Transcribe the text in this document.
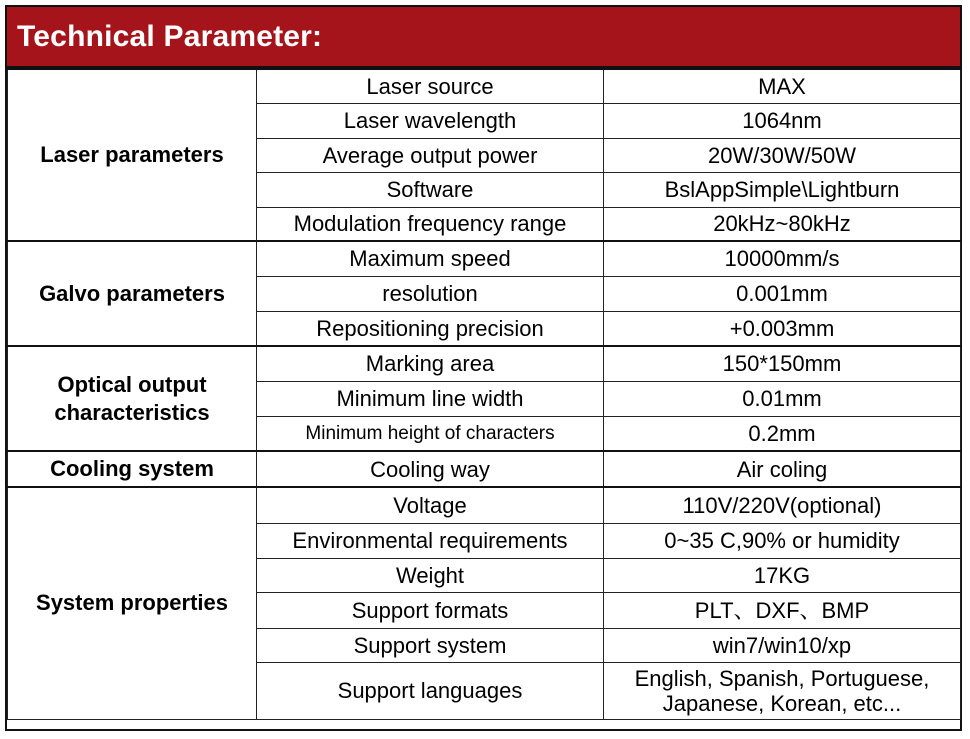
Technical Parameter:
Laser parameters	Laser source	MAX
	Laser wavelength	1064nm
	Average output power	20W/30W/50W
	Software	BslAppSimple\Lightburn
	Modulation frequency range	20kHz~80kHz
Galvo parameters	Maximum speed	10000mm/s
	resolution	0.001mm
	Repositioning precision	+0.003mm
Optical output characteristics	Marking area	150*150mm
	Minimum line width	0.01mm
	Minimum height of characters	0.2mm
Cooling system	Cooling way	Air coling
System properties	Voltage	110V/220V(optional)
	Environmental requirements	0~35 C,90% or humidity
	Weight	17KG
	Support formats	PLT、DXF、BMP
	Support system	win7/win10/xp
	Support languages	English, Spanish, Portuguese, Japanese, Korean, etc...
